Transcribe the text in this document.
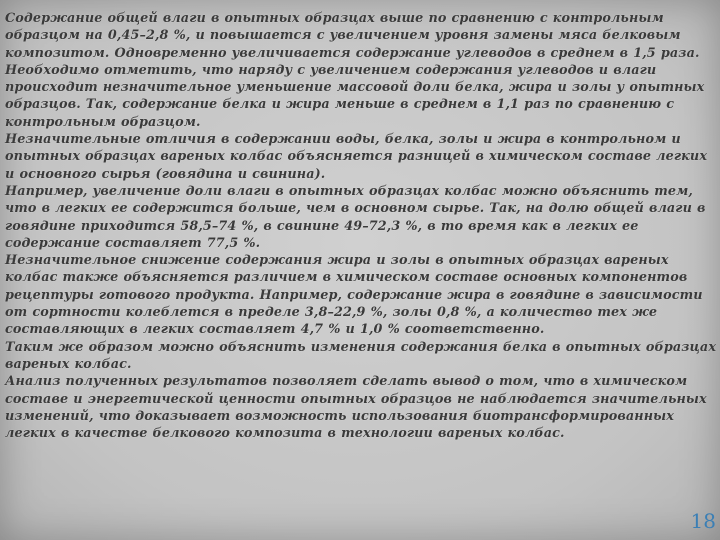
Содержание общей влаги в опытных образцах выше по сравнению с контрольным образцом на 0,45–2,8 %, и повышается с увеличением уровня замены мяса белковым композитом. Одновременно увеличивается содержание углеводов в среднем в 1,5 раза. Необходимо отметить, что наряду с увеличением содержания углеводов и влаги происходит незначительное уменьшение массовой доли белка, жира и золы у опытных образцов. Так, содержание белка и жира меньше в среднем в 1,1 раз по сравнению с контрольным образцом.

Незначительные отличия в содержании воды, белка, золы и жира в контрольном и опытных образцах вареных колбас объясняется разницей в химическом составе легких и основного сырья (говядина и свинина).

Например, увеличение доли влаги в опытных образцах колбас можно объяснить тем, что в легких ее содержится больше, чем в основном сырье. Так, на долю общей влаги в говядине приходится 58,5–74 %, в свинине 49–72,3 %, в то время как в легких ее содержание составляет 77,5 %.

Незначительное снижение содержания жира и золы в опытных образцах вареных колбас также объясняется различием в химическом составе основных компонентов рецептуры готового продукта. Например, содержание жира в говядине в зависимости от сортности колеблется в пределе 3,8–22,9 %, золы 0,8 %, а количество тех же составляющих в легких составляет 4,7 % и 1,0 % соответственно.

Таким же образом можно объяснить изменения содержания белка в опытных образцах вареных колбас.

Анализ полученных результатов позволяет сделать вывод о том, что в химическом составе и энергетической ценности опытных образцов не наблюдается значительных изменений, что доказывает возможность использования биотрансформированных легких в качестве белкового композита в технологии вареных колбас.

18
